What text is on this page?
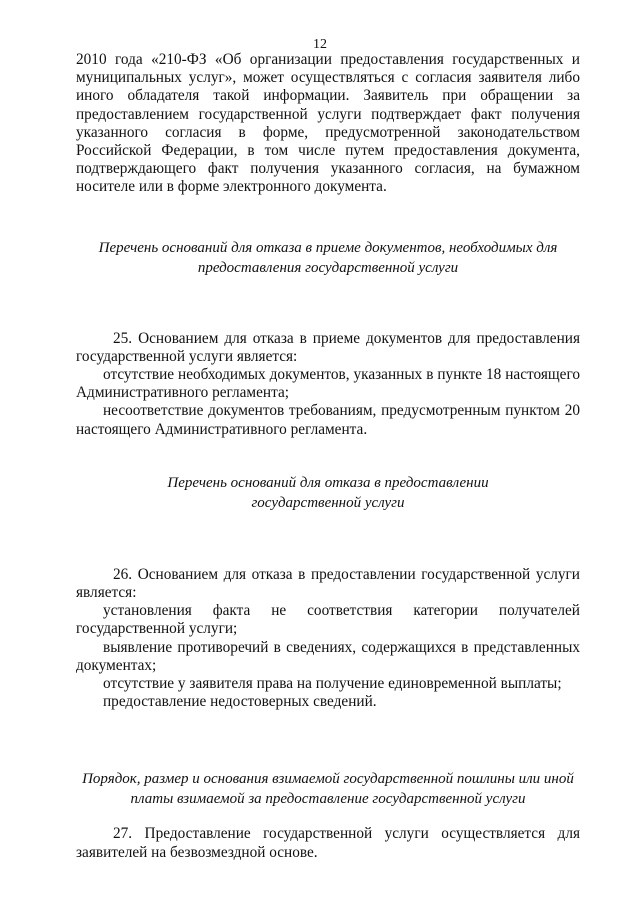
12

2010 года «210-ФЗ «Об организации предоставления государственных и муниципальных услуг», может осуществляться с согласия заявителя либо иного обладателя такой информации. Заявитель при обращении за предоставлением государственной услуги подтверждает факт получения указанного согласия в форме, предусмотренной законодательством Российской Федерации, в том числе путем предоставления документа, подтверждающего факт получения указанного согласия, на бумажном носителе или в форме электронного документа.

Перечень оснований для отказа в приеме документов, необходимых для предоставления государственной услуги

25. Основанием для отказа в приеме документов для предоставления государственной услуги является:

отсутствие необходимых документов, указанных в пункте 18 настоящего Административного регламента;

несоответствие документов требованиям, предусмотренным пунктом 20 настоящего Административного регламента.

Перечень оснований для отказа в предоставлении государственной услуги

26. Основанием для отказа в предоставлении государственной услуги является:

установления факта не соответствия категории получателей государственной услуги;

выявление противоречий в сведениях, содержащихся в представленных документах;

отсутствие у заявителя права на получение единовременной выплаты;

предоставление недостоверных сведений.

Порядок, размер и основания взимаемой государственной пошлины или иной платы взимаемой за предоставление государственной услуги

27. Предоставление государственной услуги осуществляется для заявителей на безвозмездной основе.
